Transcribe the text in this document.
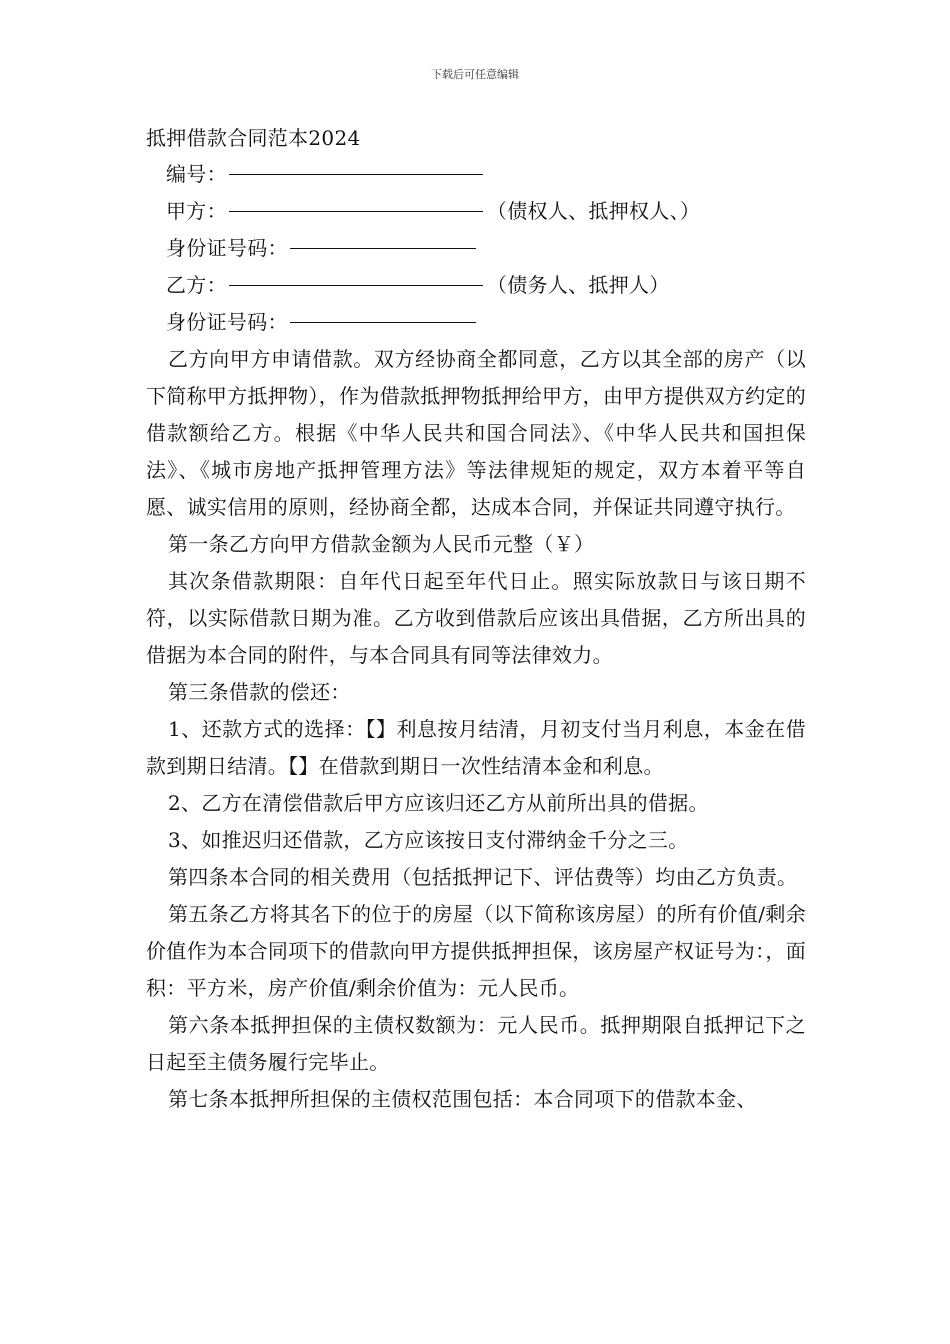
下载后可任意编辑
抵押借款合同范本2024
编号：
甲方：	（债权人、抵押权人、）
身份证号码：
乙方：	（债务人、抵押人）
身份证号码：

乙方向甲方申请借款。双方经协商全都同意，乙方以其全部的房产（以下简称甲方抵押物），作为借款抵押物抵押给甲方，由甲方提供双方约定的借款额给乙方。根据《中华人民共和国合同法》、《中华人民共和国担保法》、《城市房地产抵押管理方法》等法律规矩的规定，双方本着平等自愿、诚实信用的原则，经协商全都，达成本合同，并保证共同遵守执行。

第一条乙方向甲方借款金额为人民币元整（￥）

其次条借款期限：自年代日起至年代日止。照实际放款日与该日期不符，以实际借款日期为准。乙方收到借款后应该出具借据，乙方所出具的借据为本合同的附件，与本合同具有同等法律效力。

第三条借款的偿还：

1、还款方式的选择：【】利息按月结清，月初支付当月利息，本金在借款到期日结清。【】在借款到期日一次性结清本金和利息。

2、乙方在清偿借款后甲方应该归还乙方从前所出具的借据。

3、如推迟归还借款，乙方应该按日支付滞纳金千分之三。

第四条本合同的相关费用（包括抵押记下、评估费等）均由乙方负责。

第五条乙方将其名下的位于的房屋（以下简称该房屋）的所有价值/剩余价值作为本合同项下的借款向甲方提供抵押担保，该房屋产权证号为：，面积：平方米，房产价值/剩余价值为：元人民币。

第六条本抵押担保的主债权数额为：元人民币。抵押期限自抵押记下之日起至主债务履行完毕止。

第七条本抵押所担保的主债权范围包括：本合同项下的借款本金、
